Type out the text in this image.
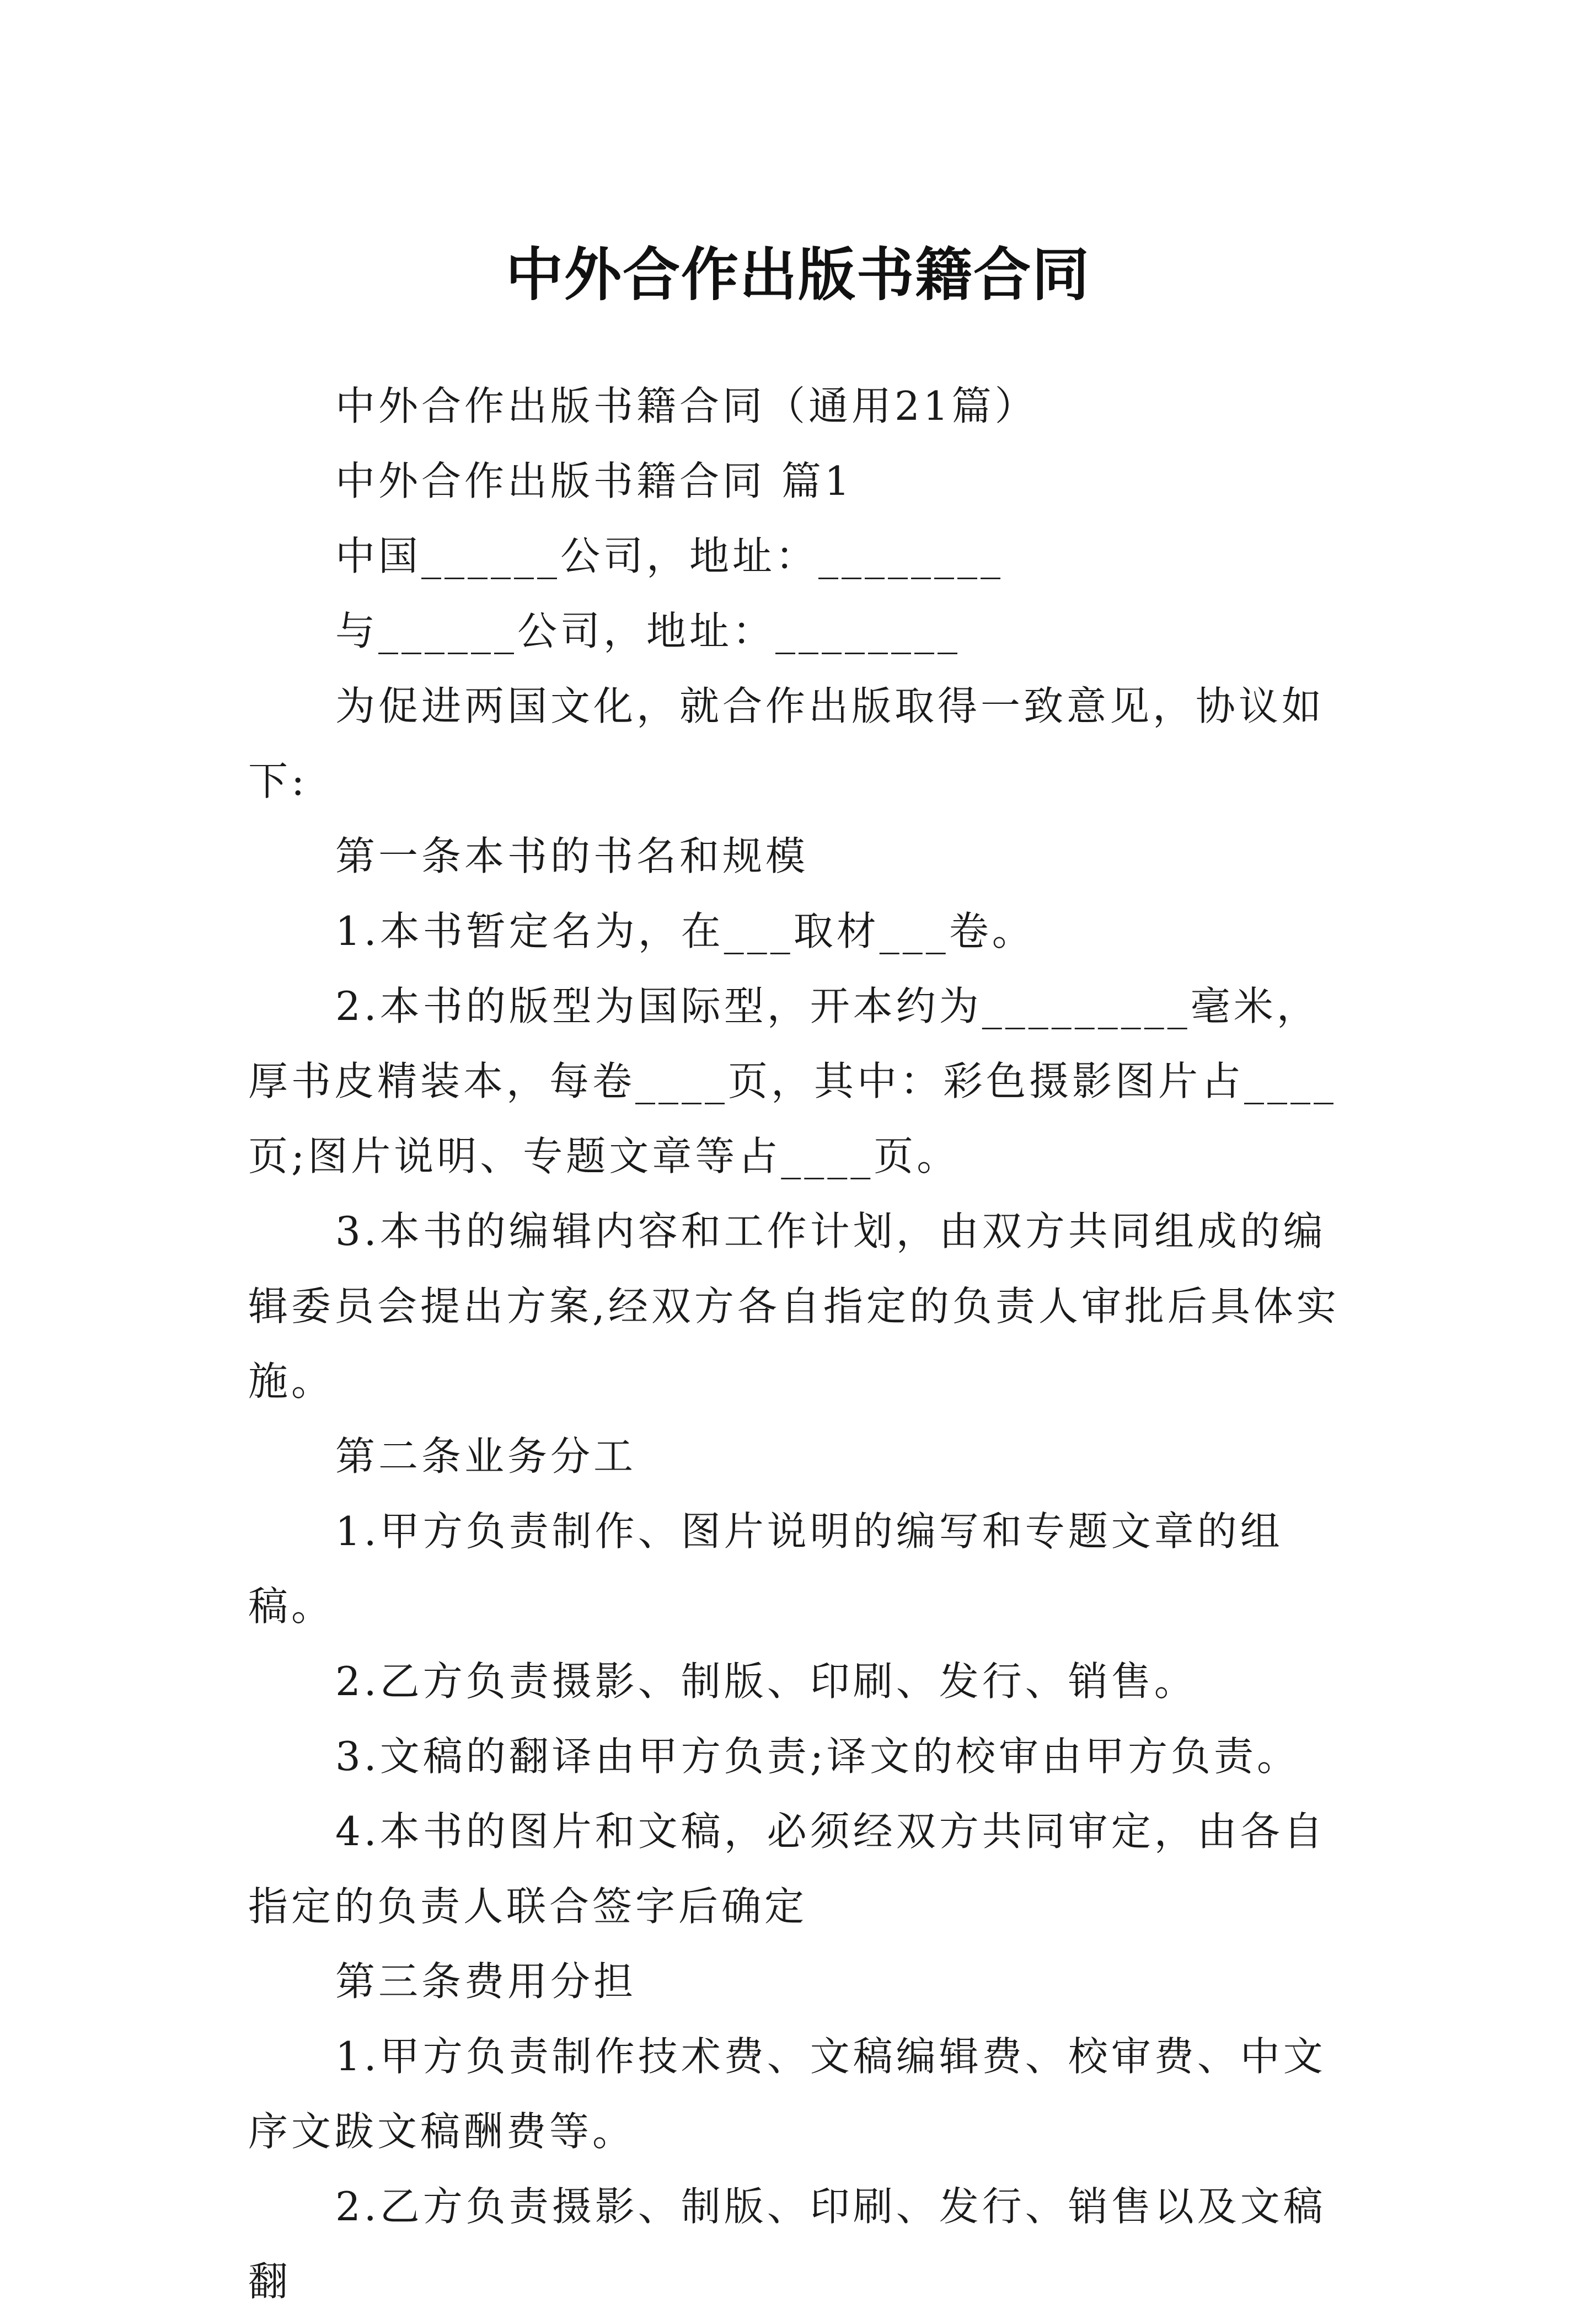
中外合作出版书籍合同

中外合作出版书籍合同（通用21篇）

中外合作出版书籍合同 篇1

中国______公司，地址：________

与______公司，地址：________

为促进两国文化，就合作出版取得一致意见，协议如下:

第一条本书的书名和规模

1.本书暂定名为，在___取材___卷。

2.本书的版型为国际型，开本约为_________毫米，厚书皮精装本，每卷____页，其中：彩色摄影图片占____页;图片说明、专题文章等占____页。

3.本书的编辑内容和工作计划，由双方共同组成的编辑委员会提出方案,经双方各自指定的负责人审批后具体实施。

第二条业务分工

1.甲方负责制作、图片说明的编写和专题文章的组稿。

2.乙方负责摄影、制版、印刷、发行、销售。

3.文稿的翻译由甲方负责;译文的校审由甲方负责。

4.本书的图片和文稿，必须经双方共同审定，由各自指定的负责人联合签字后确定

第三条费用分担

1.甲方负责制作技术费、文稿编辑费、校审费、中文序文跋文稿酬费等。

2.乙方负责摄影、制版、印刷、发行、销售以及文稿翻
